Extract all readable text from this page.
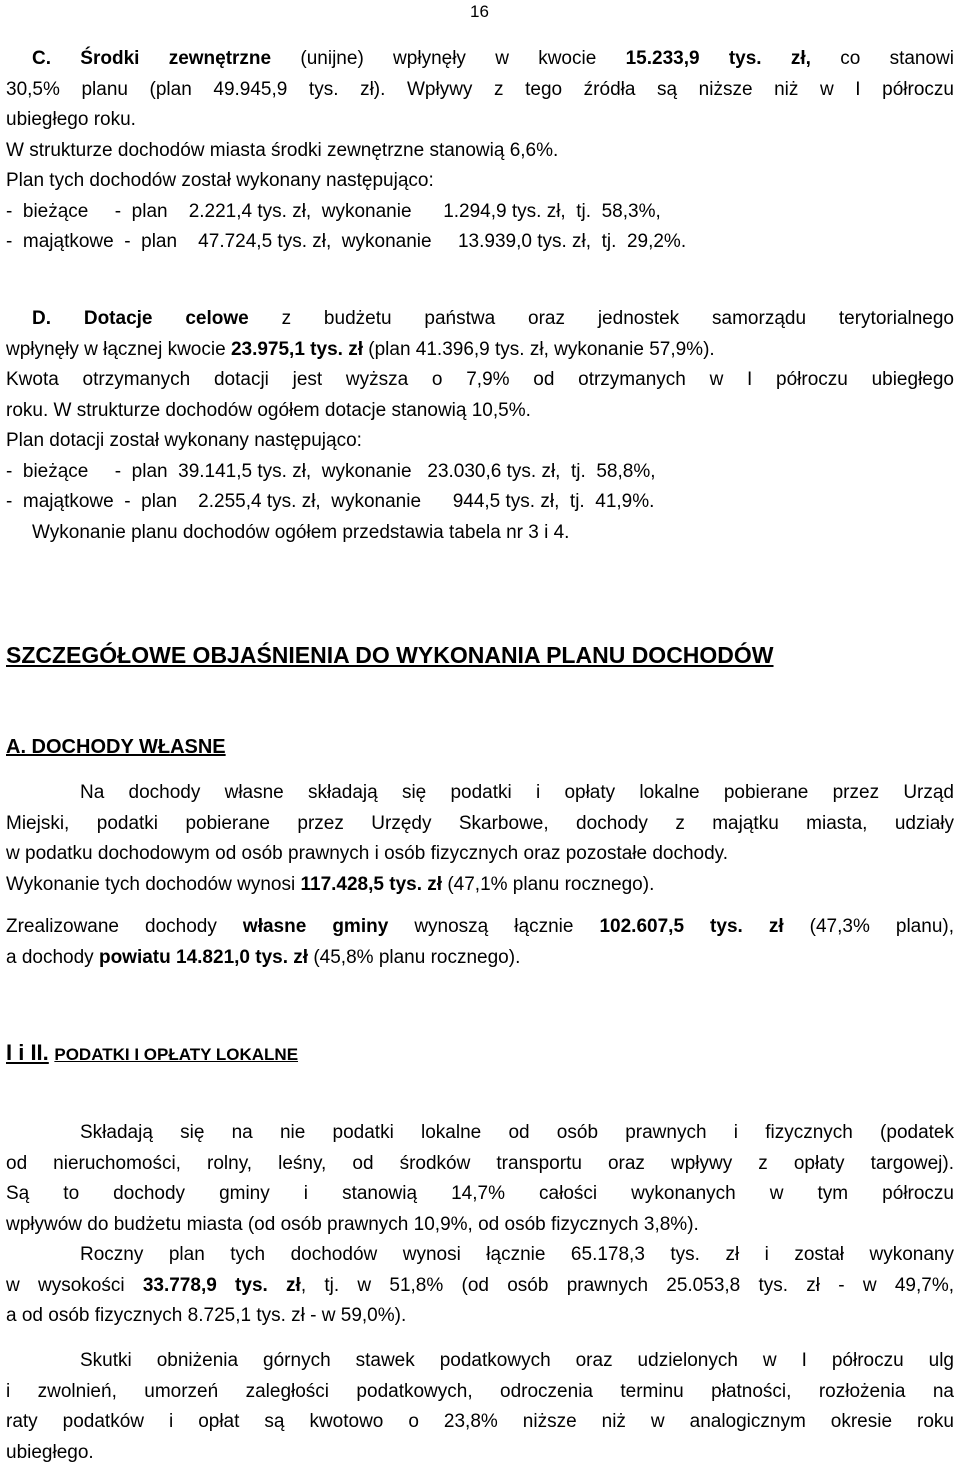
16
C. Środki zewnętrzne (unijne) wpłynęły w kwocie 15.233,9 tys. zł, co stanowi
30,5% planu (plan 49.945,9 tys. zł). Wpływy z tego źródła są niższe niż w I półroczu
ubiegłego roku.
W strukturze dochodów miasta środki zewnętrzne stanowią 6,6%.
Plan tych dochodów został wykonany następująco:
-  bieżące     -  plan    2.221,4 tys. zł,  wykonanie      1.294,9 tys. zł,  tj.  58,3%,
-  majątkowe  -  plan    47.724,5 tys. zł,  wykonanie     13.939,0 tys. zł,  tj.  29,2%.
D. Dotacje celowe z budżetu państwa oraz jednostek samorządu terytorialnego
wpłynęły w łącznej kwocie 23.975,1 tys. zł (plan 41.396,9 tys. zł, wykonanie 57,9%).
Kwota otrzymanych dotacji jest wyższa o 7,9% od otrzymanych w I półroczu ubiegłego
roku. W strukturze dochodów ogółem dotacje stanowią 10,5%.
Plan dotacji został wykonany następująco:
-  bieżące     -  plan  39.141,5 tys. zł,  wykonanie   23.030,6 tys. zł,  tj.  58,8%,
-  majątkowe  -  plan    2.255,4 tys. zł,  wykonanie      944,5 tys. zł,  tj.  41,9%.
Wykonanie planu dochodów ogółem przedstawia tabela nr 3 i 4.
SZCZEGÓŁOWE OBJAŚNIENIA DO WYKONANIA PLANU DOCHODÓW
A. DOCHODY WŁASNE
Na dochody własne składają się podatki i opłaty lokalne pobierane przez Urząd
Miejski, podatki pobierane przez Urzędy Skarbowe, dochody z majątku miasta, udziały
w podatku dochodowym od osób prawnych i osób fizycznych oraz pozostałe dochody.
Wykonanie tych dochodów wynosi 117.428,5 tys. zł (47,1% planu rocznego).
Zrealizowane dochody własne gminy wynoszą łącznie 102.607,5 tys. zł (47,3% planu),
a dochody powiatu 14.821,0 tys. zł (45,8% planu rocznego).
I i II. PODATKI I OPŁATY LOKALNE
Składają się na nie podatki lokalne od osób prawnych i fizycznych (podatek
od nieruchomości, rolny, leśny, od środków transportu oraz wpływy z opłaty targowej).
Są to dochody gminy i stanowią 14,7% całości wykonanych w tym półroczu
wpływów do budżetu miasta (od osób prawnych 10,9%, od osób fizycznych 3,8%).
Roczny plan tych dochodów wynosi łącznie 65.178,3 tys. zł i został wykonany
w wysokości 33.778,9 tys. zł, tj. w 51,8% (od osób prawnych 25.053,8 tys. zł - w 49,7%,
a od osób fizycznych 8.725,1 tys. zł - w 59,0%).
Skutki obniżenia górnych stawek podatkowych oraz udzielonych w I półroczu ulg
i zwolnień, umorzeń zaległości podatkowych, odroczenia terminu płatności, rozłożenia na
raty podatków i opłat są kwotowo o 23,8% niższe niż w analogicznym okresie roku
ubiegłego.
